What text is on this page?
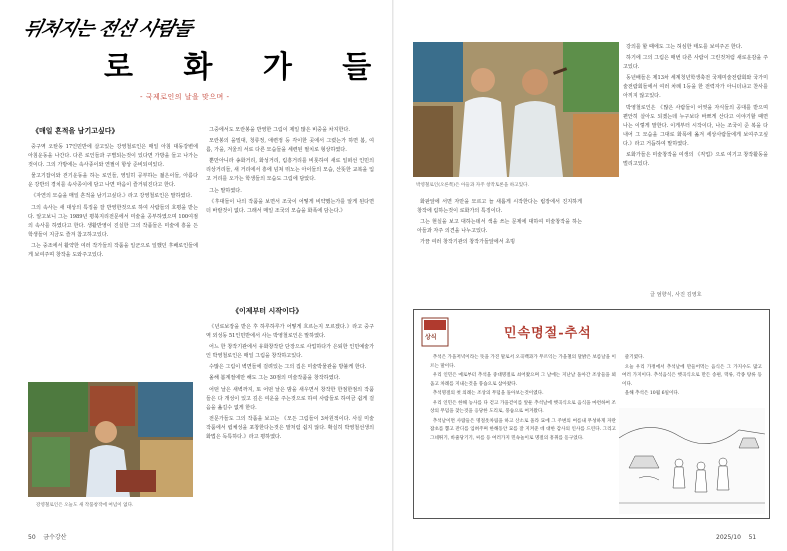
뒤처지는 전선 사람들
로 화 가 들
- 국제로인의 날을 맞으며 -
《매일 흔적을 남기고싶다》

중구역 오탄동 17인민반에 살고있는 강영철로인은 매일 아침 대동강변에 아침운동을 나간다. 다른 로인들과 구별되는것이 있다면 가방을 들고 나가는것이다. 그의 가방에는 속사종이와 연필이 항상 준비되여있다.

물고기잡이와 걷기운동을 하는 로인들, 영일히 공부하는 젊은이들, 아름다운 강반의 경치를 속사종이에 담고 나면 마음이 즐거워진다고 한다.

《자연의 모습을 매일 흔적을 남기고싶다.》라고 강영철로인은 말하였다.

그의 속사는 새 대상의 특징을 잘 반영한것으로 하여 사람들의 호평을 받는다. 알고보니 그는 1989년 평북지리전문에서 미술을 공부하였으며 100여점의 속사를 하였다고 한다. 생활반영이 진실한 그의 작품들은 미술에 흥을 든 학생들이 지금도 즐겨 참고하고있다.

그는 중조에서 활약한 여러 작가들의 작품을 일군으로 일했던 후배로인들에게 보여주며 창작을 도와주고있다.

강영철로인은 오늘도 새 작품창작에 여념이 없다.

그중에서도 모란봉을 반영한 그림이 제일 많은 비중을 차지한다.

모란봉의 을밀대, 청류정, 애련정 등 각이한 곳에서 그렸는가 하면 봄, 여름, 가을, 겨울의 서로 다른 모습들을 세련된 필치로 형상하였다.

뿐만아니라 송화거리, 화성거리, 림흥거리를 비롯하여 새로 일떠선 인민의 리상거리들, 새 거리에서 흥에 넘쳐 뛰노는 아이들의 모습, 산뜻한 교복을 입고 거리를 오가는 학생들의 모습도 그림에 담았다.

그는 말하였다.

《후대들이 나의 작품을 보면서 조국이 어떻게 비약했는가를 알게 된다면 더 바랄것이 없다. 그래서 매일 조국의 모습을 화폭에 담는다.》

《이제부터 시작이다》

《년로보장을 받은 후 하루하루가 어떻게 흐르는지 모르겠다.》라고 중구역 외성동 51인민반에서 사는 박영철로인은 말하였다.

어느 한 창작기관에서 유화창작단 단장으로 사업하다가 은퇴한 인민예술가인 박영철로인은 매일 그림을 창작하고있다.

수많은 그림이 벽면들에 걸려있는 그의 집은 미술박물관을 방불케 한다.

올해 봄계절에만 해도 그는 30점의 미술작품을 창작하였다.

어떤 날은 새벽까지, 또 어떤 날은 밤을 새우면서 창작한 한점한점의 작품들은 다 개성이 있고 깊은 여운을 주는것으로 하여 사람들로 하여금 쉽게 걸음을 옮길수 없게 한다.

전문가들도 그의 작품을 보고는 《모든 그림들이 3차원적이다. 사실 미술작품에서 립체성을 포창한다는것은 말처럼 쉽지 않다. 확실히 박영철선생의 화법은 독특하다.》라고 평하였다.

50 금수강산
박영철로인(오른쪽)은 아들과 자주 창작토론을 하고있다.

화판앞에 서면 자만을 모르고 늘 새롭게 시작한다는 립장에서 진지하게 창작에 림하는것이 로화가의 특징이다.

그는 현실을 보고 대하는데서 색을 쓰는 문제에 대하여 미술창작을 하는 아들과 자주 의견을 나누고있다.

가끔 여러 창작기관의 창작가들앞에서 초빙

강의를 할 때에도 그는 허심한 태도를 보여주곤 한다.

하기에 그의 그림은 매번 다른 사람이 그린것처럼 새로운감을 주고있다.

동년배들은 제13차 세계청년학생축전 국제미술전람회와 국가미술전람회들에서 여러 차례 1등을 한 전력자가 아니더냐고 찬사를 아끼지 않고있다.

박영철로인은 《많은 사람들이 어엿을 자식들의 공대를 받으며 편안히 살아도 되겠는데 누구보다 바쁘게 산다고 이야기할 때면 나는 이렇게 말한다. 이게부터 시작이다, 나는 조국이 준 복을 다 내어 그 모습을 그대로 화폭에 옮겨 세상사람들에게 보여주고싶다.》라고 거듭하여 말하였다.

로화가들은 미술창작을 여생의 《직업》으로 여기고 창작활동을 벌리고있다.

글 엄향식, 사진 김영호
2025/10 51
상식	민속명절-추석

추석은 가을저녁이라는 뜻을 가진 말로서 오곡백과가 무르익는 가을철의 달밝은 보름날을 이르는 말이다.

우리 인민은 예로부터 추석을 중대명절로 쇠어왔으며 그 날에는 지난날 돌아간 조상들을 뵈옵고 차례를 지내는것을 풍습으로 삼아왔다.

추석명절의 첫 의례는 조상의 무덤을 돌아보는것이였다.

우리 인민은 한해 농사를 다 걷고 가을걷이를 앞둔 추석날에 햇곡식으로 음식을 마련하여 조상의 무덤을 찾는것을 응당한 도리로, 풍습으로 여겨왔다.

추석날이면 사람들은 명절옷차림을 하고 산소로 올라 묘에 그 주변의 여름내 무성하게 자란 잡초를 뽑고 잔디를 입혀주며 한해동안 묘를 잘 지켜준 데 대한 감사의 인사를 드린다. 그리고 그네뛰기, 바줄당기기, 씨름 등 여러가지 민속놀이로 명절의 흥취를 돋구었다.

즐기였다.

오늘 우리 가정에서 추석날에 만들어먹는 음식은 그 가지수도 많고 여러 가지이다. 추석음식은 햇곡식으로 만든 송편, 떡류, 각종 탕류 등이다.

올해 추석은 10월 6일이다.
